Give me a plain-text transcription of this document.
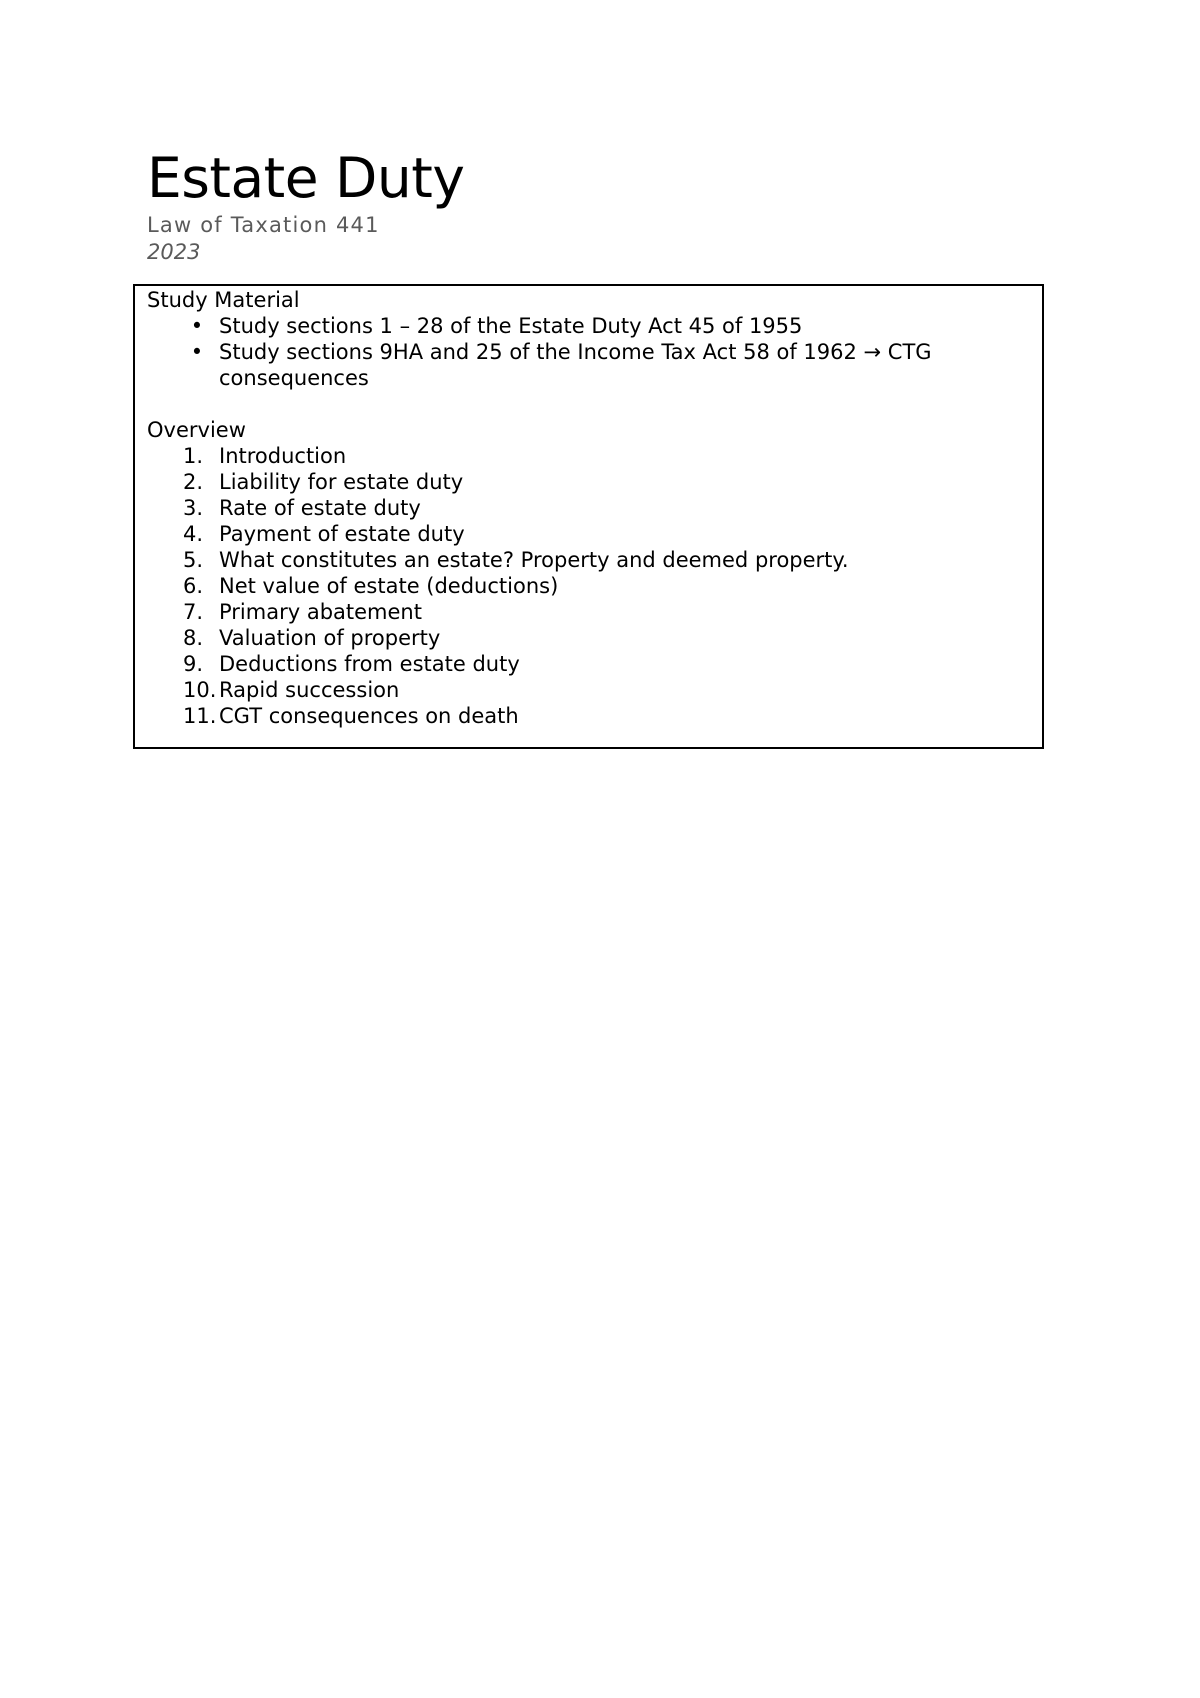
Estate Duty
Law of Taxation 441
2023
Study Material
• Study sections 1 – 28 of the Estate Duty Act 45 of 1955
• Study sections 9HA and 25 of the Income Tax Act 58 of 1962 → CTG consequences
Overview
1. Introduction
2. Liability for estate duty
3. Rate of estate duty
4. Payment of estate duty
5. What constitutes an estate? Property and deemed property.
6. Net value of estate (deductions)
7. Primary abatement
8. Valuation of property
9. Deductions from estate duty
10. Rapid succession
11. CGT consequences on death
